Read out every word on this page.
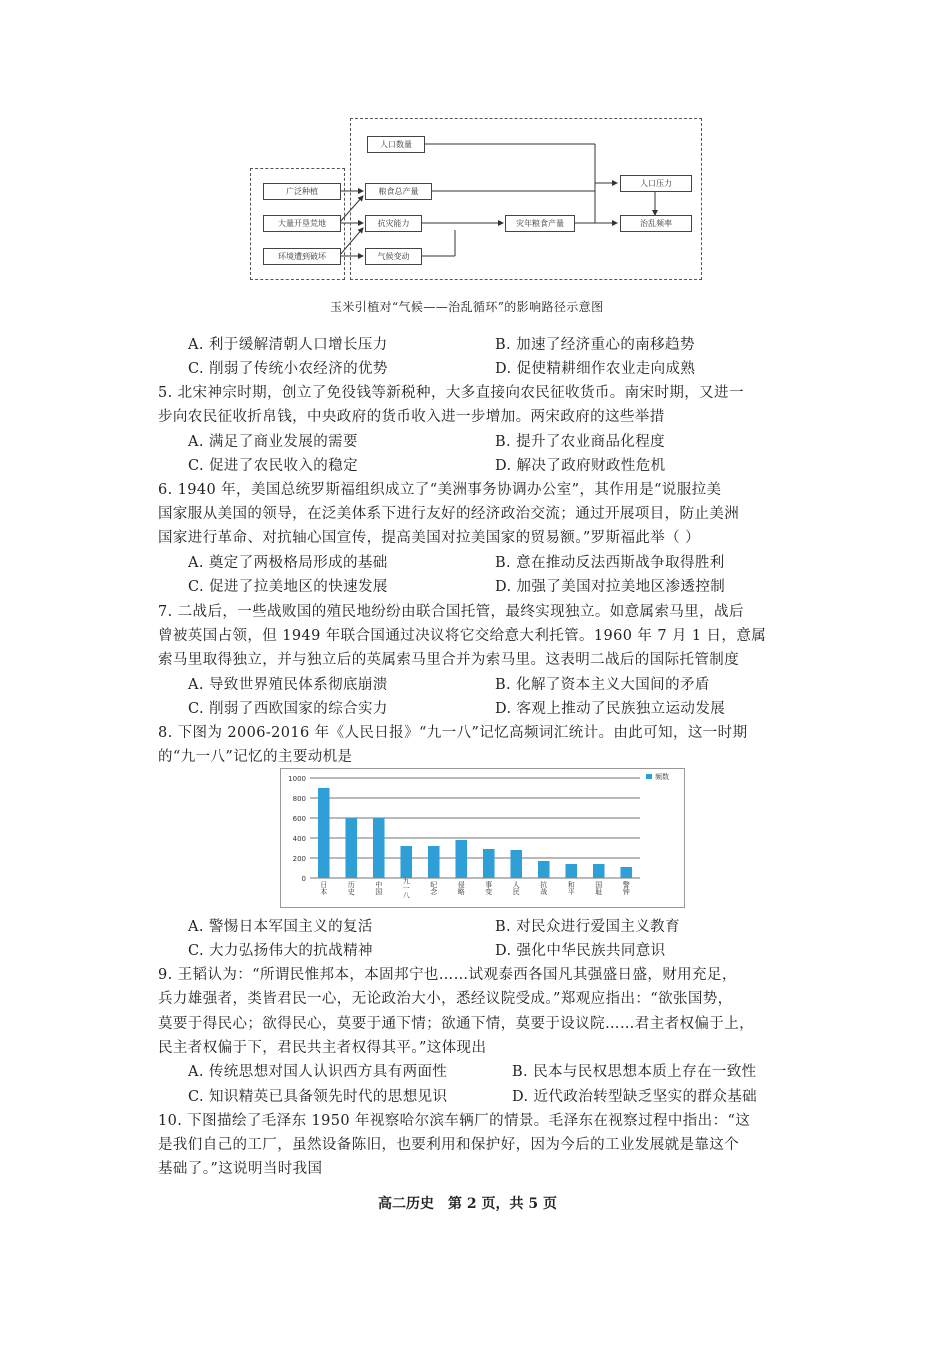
广泛种植
大量开垦荒地
环境遭到破坏
人口数量
粮食总产量
抗灾能力
气候变动
灾年粮食产量
人口压力
治乱频率
玉米引植对“气候——治乱循环”的影响路径示意图
A. 利于缓解清朝人口增长压力	B. 加速了经济重心的南移趋势
C. 削弱了传统小农经济的优势	D. 促使精耕细作农业走向成熟
5. 北宋神宗时期，创立了免役钱等新税种，大多直接向农民征收货币。南宋时期，又进一
步向农民征收折帛钱，中央政府的货币收入进一步增加。两宋政府的这些举措
A. 满足了商业发展的需要	B. 提升了农业商品化程度
C. 促进了农民收入的稳定	D. 解决了政府财政性危机
6. 1940 年，美国总统罗斯福组织成立了“美洲事务协调办公室”，其作用是“说服拉美
国家服从美国的领导，在泛美体系下进行友好的经济政治交流；通过开展项目，防止美洲
国家进行革命、对抗轴心国宣传，提高美国对拉美国家的贸易额。”罗斯福此举（ ）
A. 奠定了两极格局形成的基础	B. 意在推动反法西斯战争取得胜利
C. 促进了拉美地区的快速发展	D. 加强了美国对拉美地区渗透控制
7. 二战后，一些战败国的殖民地纷纷由联合国托管，最终实现独立。如意属索马里，战后
曾被英国占领，但 1949 年联合国通过决议将它交给意大利托管。1960 年 7 月 1 日，意属
索马里取得独立，并与独立后的英属索马里合并为索马里。这表明二战后的国际托管制度
A. 导致世界殖民体系彻底崩溃	B. 化解了资本主义大国间的矛盾
C. 削弱了西欧国家的综合实力	D. 客观上推动了民族独立运动发展
8. 下图为 2006-2016 年《人民日报》“九一八”记忆高频词汇统计。由此可知，这一时期
的“九一八”记忆的主要动机是
1000
800
600
400
200
0
日本	历史	中国	九一八	纪念	侵略	事变	人民	抗战	和平	国耻	警钟
频数
A. 警惕日本军国主义的复活	B. 对民众进行爱国主义教育
C. 大力弘扬伟大的抗战精神	D. 强化中华民族共同意识
9. 王韬认为：“所谓民惟邦本，本固邦宁也……试观泰西各国凡其强盛日盛，财用充足，
兵力雄强者，类皆君民一心，无论政治大小，悉经议院受成。”郑观应指出：“欲张国势，
莫要于得民心；欲得民心，莫要于通下情；欲通下情，莫要于设议院……君主者权偏于上，
民主者权偏于下，君民共主者权得其平。”这体现出
A. 传统思想对国人认识西方具有两面性	B. 民本与民权思想本质上存在一致性
C. 知识精英已具备领先时代的思想见识	D. 近代政治转型缺乏坚实的群众基础
10. 下图描绘了毛泽东 1950 年视察哈尔滨车辆厂的情景。毛泽东在视察过程中指出：“这
是我们自己的工厂，虽然设备陈旧，也要利用和保护好，因为今后的工业发展就是靠这个
基础了。”这说明当时我国
高二历史　第 2 页，共 5 页
